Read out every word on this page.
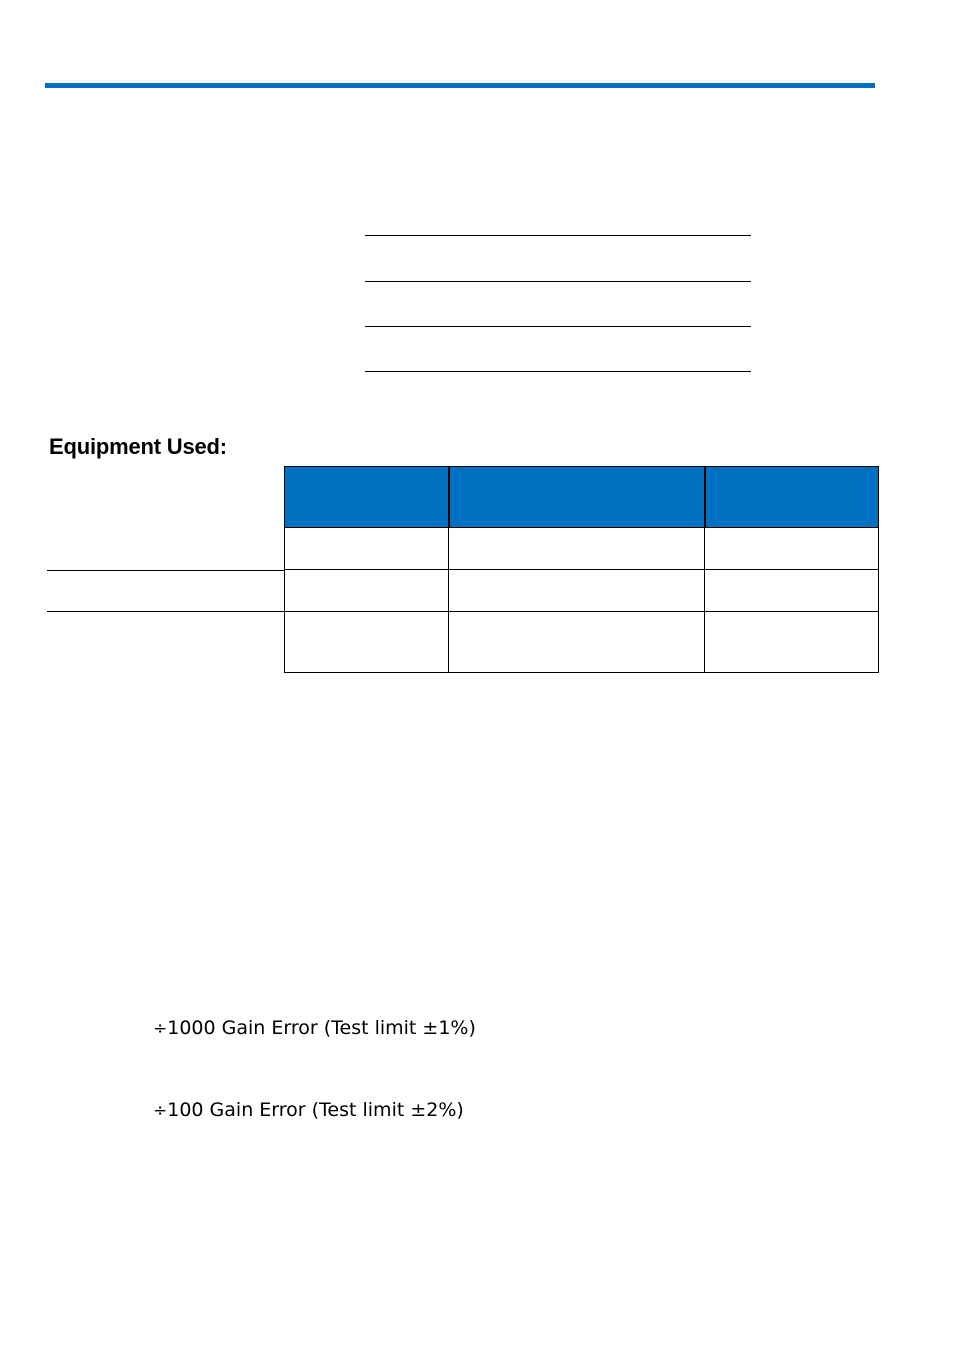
Equipment Used:

÷1000 Gain Error (Test limit ±1%)
÷100 Gain Error (Test limit ±2%)
